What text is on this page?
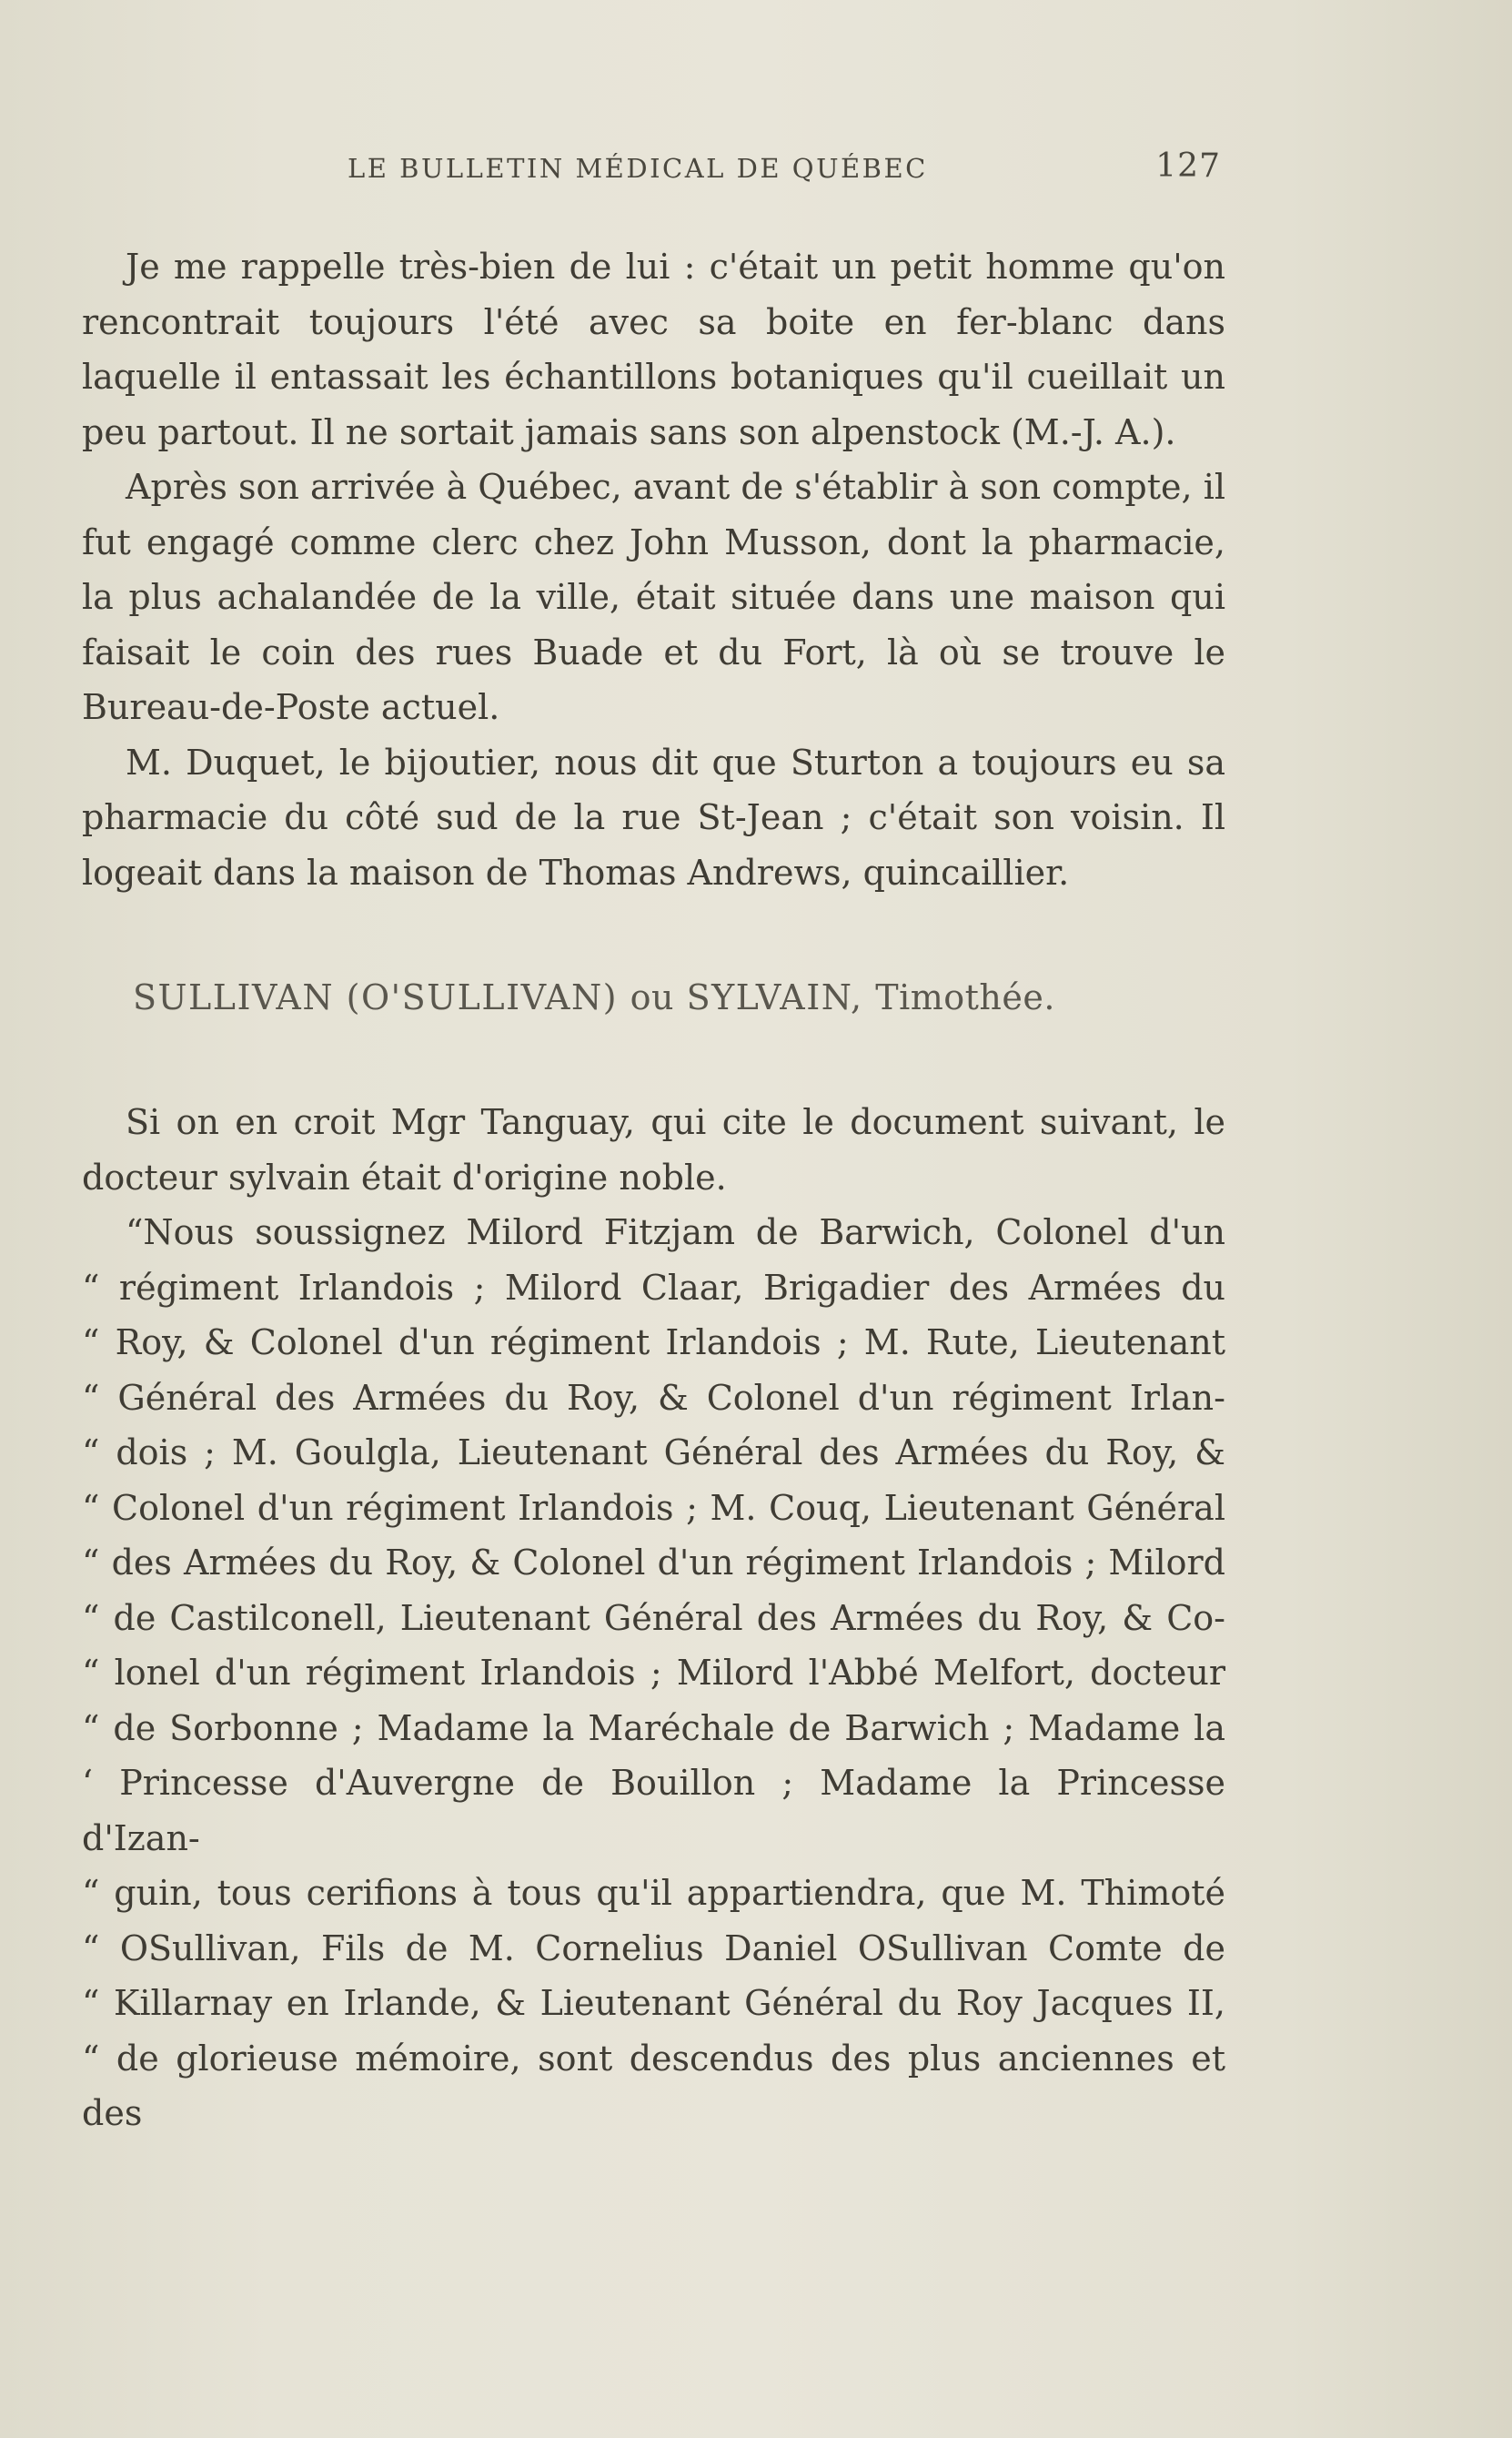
LE BULLETIN MÉDICAL DE QUÉBEC	127

Je me rappelle très-bien de lui : c'était un petit homme qu'on rencontrait toujours l'été avec sa boite en fer-blanc dans laquelle il entassait les échantillons botaniques qu'il cueillait un peu partout. Il ne sortait jamais sans son alpenstock (M.-J. A.).

Après son arrivée à Québec, avant de s'établir à son compte, il fut engagé comme clerc chez John Musson, dont la pharmacie, la plus achalandée de la ville, était située dans une maison qui faisait le coin des rues Buade et du Fort, là où se trouve le Bureau-de-Poste actuel.

M. Duquet, le bijoutier, nous dit que Sturton a toujours eu sa pharmacie du côté sud de la rue St-Jean ; c'était son voisin. Il logeait dans la maison de Thomas Andrews, quincaillier.

SULLIVAN (O'SULLIVAN) ou SYLVAIN, Timothée.

Si on en croit Mgr Tanguay, qui cite le document suivant, le docteur sylvain était d'origine noble.

“Nous soussignez Milord Fitzjam de Barwich, Colonel d'un

“ régiment Irlandois ; Milord Claar, Brigadier des Armées du

“ Roy, & Colonel d'un régiment Irlandois ; M. Rute, Lieutenant

“ Général des Armées du Roy, & Colonel d'un régiment Irlan-

“ dois ; M. Goulgla, Lieutenant Général des Armées du Roy, &

“ Colonel d'un régiment Irlandois ; M. Couq, Lieutenant Général

“ des Armées du Roy, & Colonel d'un régiment Irlandois ; Milord

“ de Castilconell, Lieutenant Général des Armées du Roy, & Co-

“ lonel d'un régiment Irlandois ; Milord l'Abbé Melfort, docteur

“ de Sorbonne ; Madame la Maréchale de Barwich ; Madame la

‘ Princesse d'Auvergne de Bouillon ; Madame la Princesse d'Izan-

“ guin, tous cerifions à tous qu'il appartiendra, que M. Thimoté

“ OSullivan, Fils de M. Cornelius Daniel OSullivan Comte de

“ Killarnay en Irlande, & Lieutenant Général du Roy Jacques II,

“ de glorieuse mémoire, sont descendus des plus anciennes et des
